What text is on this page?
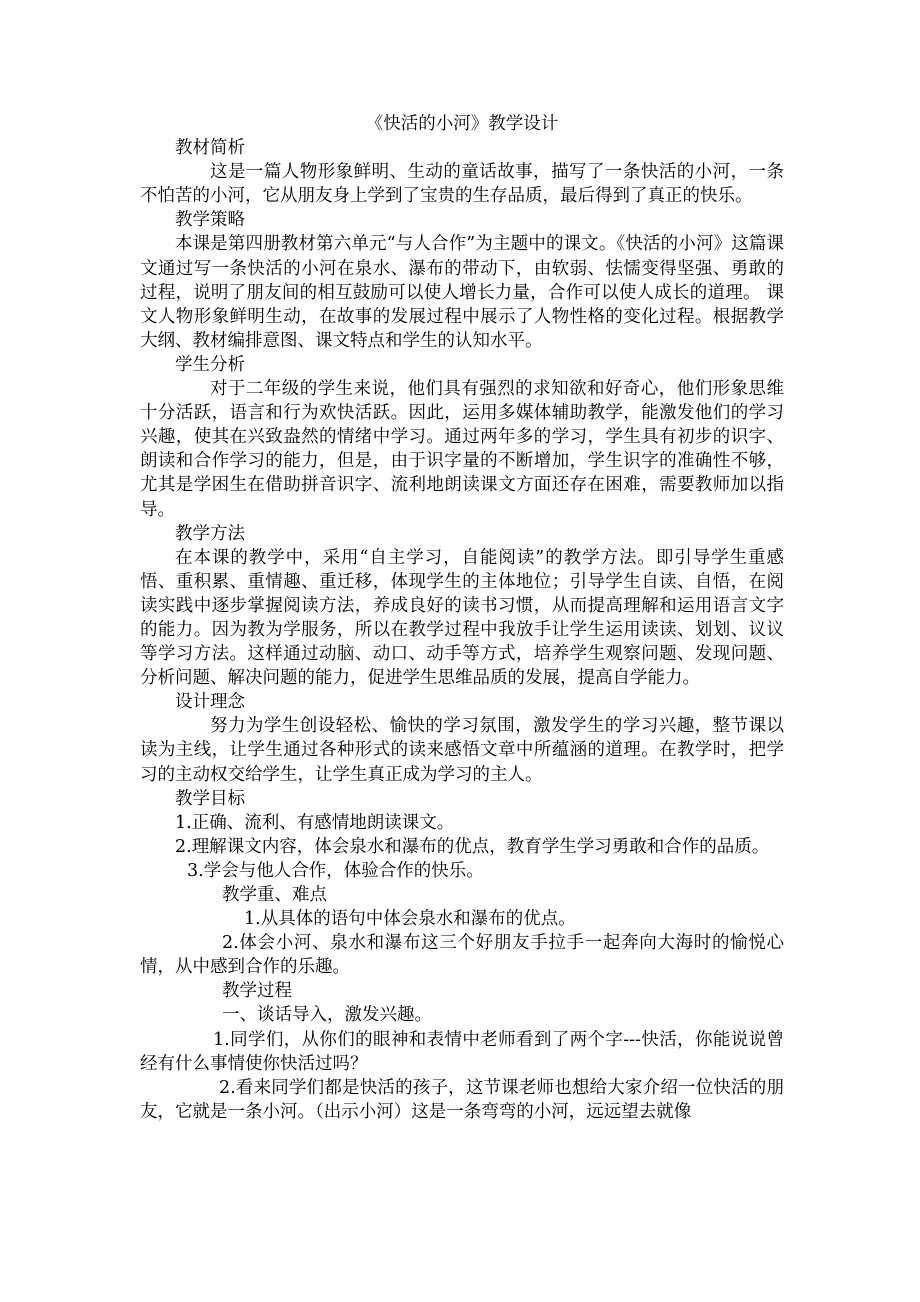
《快活的小河》教学设计

教材简析

这是一篇人物形象鲜明、生动的童话故事，描写了一条快活的小河，一条不怕苦的小河，它从朋友身上学到了宝贵的生存品质，最后得到了真正的快乐。

教学策略

本课是第四册教材第六单元“与人合作”为主题中的课文。《快活的小河》这篇课文通过写一条快活的小河在泉水、瀑布的带动下，由软弱、怯懦变得坚强、勇敢的过程，说明了朋友间的相互鼓励可以使人增长力量，合作可以使人成长的道理。 课文人物形象鲜明生动，在故事的发展过程中展示了人物性格的变化过程。根据教学大纲、教材编排意图、课文特点和学生的认知水平。

学生分析

对于二年级的学生来说，他们具有强烈的求知欲和好奇心，他们形象思维十分活跃，语言和行为欢快活跃。因此，运用多媒体辅助教学，能激发他们的学习兴趣，使其在兴致盎然的情绪中学习。通过两年多的学习，学生具有初步的识字、朗读和合作学习的能力，但是，由于识字量的不断增加，学生识字的准确性不够，尤其是学困生在借助拼音识字、流利地朗读课文方面还存在困难，需要教师加以指导。

教学方法

在本课的教学中，采用“自主学习，自能阅读”的教学方法。即引导学生重感悟、重积累、重情趣、重迁移，体现学生的主体地位；引导学生自读、自悟，在阅读实践中逐步掌握阅读方法，养成良好的读书习惯，从而提高理解和运用语言文字的能力。因为教为学服务，所以在教学过程中我放手让学生运用读读、划划、议议等学习方法。这样通过动脑、动口、动手等方式，培养学生观察问题、发现问题、分析问题、解决问题的能力，促进学生思维品质的发展，提高自学能力。

设计理念

努力为学生创设轻松、愉快的学习氛围，激发学生的学习兴趣，整节课以读为主线，让学生通过各种形式的读来感悟文章中所蕴涵的道理。在教学时，把学习的主动权交给学生，让学生真正成为学习的主人。

教学目标

1.正确、流利、有感情地朗读课文。

2.理解课文内容，体会泉水和瀑布的优点，教育学生学习勇敢和合作的品质。

3.学会与他人合作，体验合作的快乐。

教学重、难点

1.从具体的语句中体会泉水和瀑布的优点。

2.体会小河、泉水和瀑布这三个好朋友手拉手一起奔向大海时的愉悦心情，从中感到合作的乐趣。

教学过程

一、谈话导入，激发兴趣。

1.同学们，从你们的眼神和表情中老师看到了两个字---快活，你能说说曾经有什么事情使你快活过吗？

2.看来同学们都是快活的孩子，这节课老师也想给大家介绍一位快活的朋友，它就是一条小河。（出示小河）这是一条弯弯的小河，远远望去就像
